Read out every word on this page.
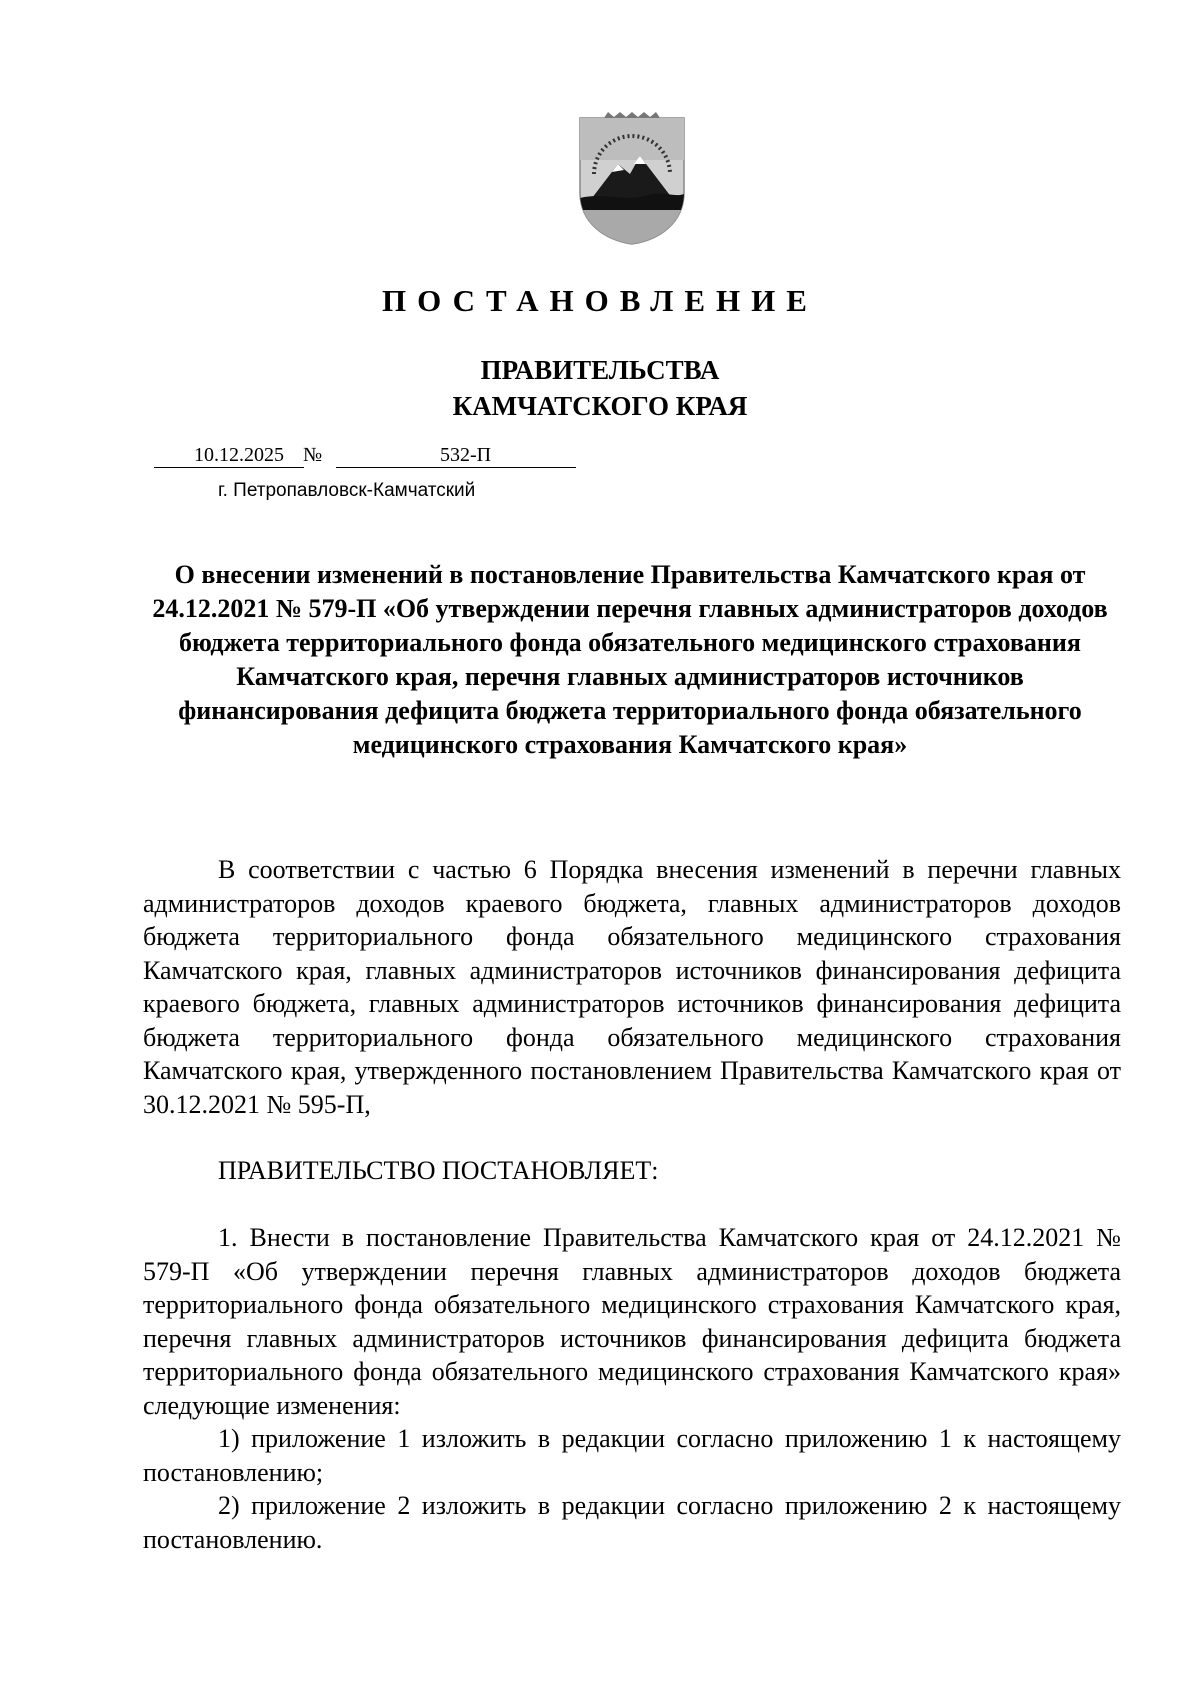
ПОСТАНОВЛЕНИЕ
ПРАВИТЕЛЬСТВА
КАМЧАТСКОГО КРАЯ
10.12.2025 №	532-П
г. Петропавловск-Камчатский
О внесении изменений в постановление Правительства Камчатского края от 24.12.2021 № 579-П «Об утверждении перечня главных администраторов доходов бюджета территориального фонда обязательного медицинского страхования Камчатского края, перечня главных администраторов источников финансирования дефицита бюджета территориального фонда обязательного медицинского страхования Камчатского края»
В соответствии с частью 6 Порядка внесения изменений в перечни главных администраторов доходов краевого бюджета, главных администраторов доходов бюджета территориального фонда обязательного медицинского страхования Камчатского края, главных администраторов источников финансирования дефицита краевого бюджета, главных администраторов источников финансирования дефицита бюджета территориального фонда обязательного медицинского страхования Камчатского края, утвержденного постановлением Правительства Камчатского края от 30.12.2021 № 595-П,
ПРАВИТЕЛЬСТВО ПОСТАНОВЛЯЕТ:

1. Внести в постановление Правительства Камчатского края от 24.12.2021 № 579-П «Об утверждении перечня главных администраторов доходов бюджета территориального фонда обязательного медицинского страхования Камчатского края, перечня главных администраторов источников финансирования дефицита бюджета территориального фонда обязательного медицинского страхования Камчатского края» следующие изменения:

1) приложение 1 изложить в редакции согласно приложению 1 к настоящему постановлению;

2) приложение 2 изложить в редакции согласно приложению 2 к настоящему постановлению.
